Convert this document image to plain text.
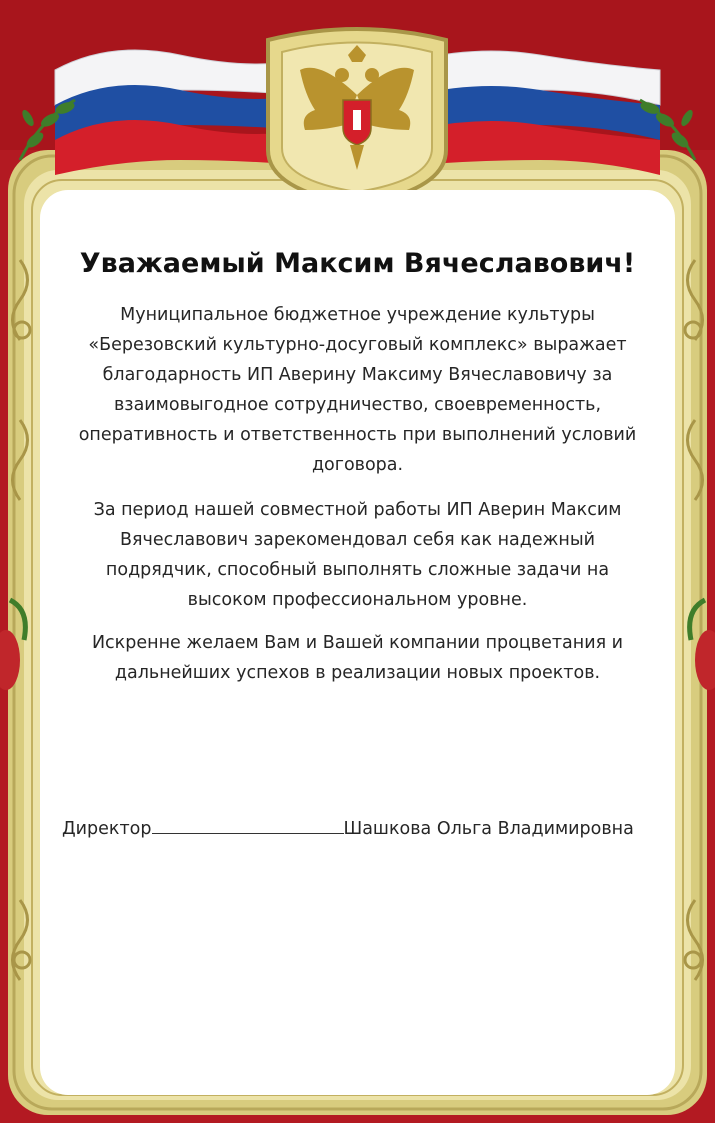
Уважаемый Максим Вячеславович!

Муниципальное бюджетное учреждение культуры «Березовский культурно-досуговый комплекс» выражает благодарность ИП Аверину Максиму Вячеславовичу за взаимовыгодное сотрудничество, своевременность, оперативность и ответственность при выполнений условий договора.

За период нашей совместной работы ИП Аверин Максим Вячеславович зарекомендовал себя как надежный подрядчик, способный выполнять сложные задачи на высоком профессиональном уровне.

Искренне желаем Вам и Вашей компании процветания и дальнейших успехов в реализации новых проектов.

Директор	Шашкова Ольга Владимировна
